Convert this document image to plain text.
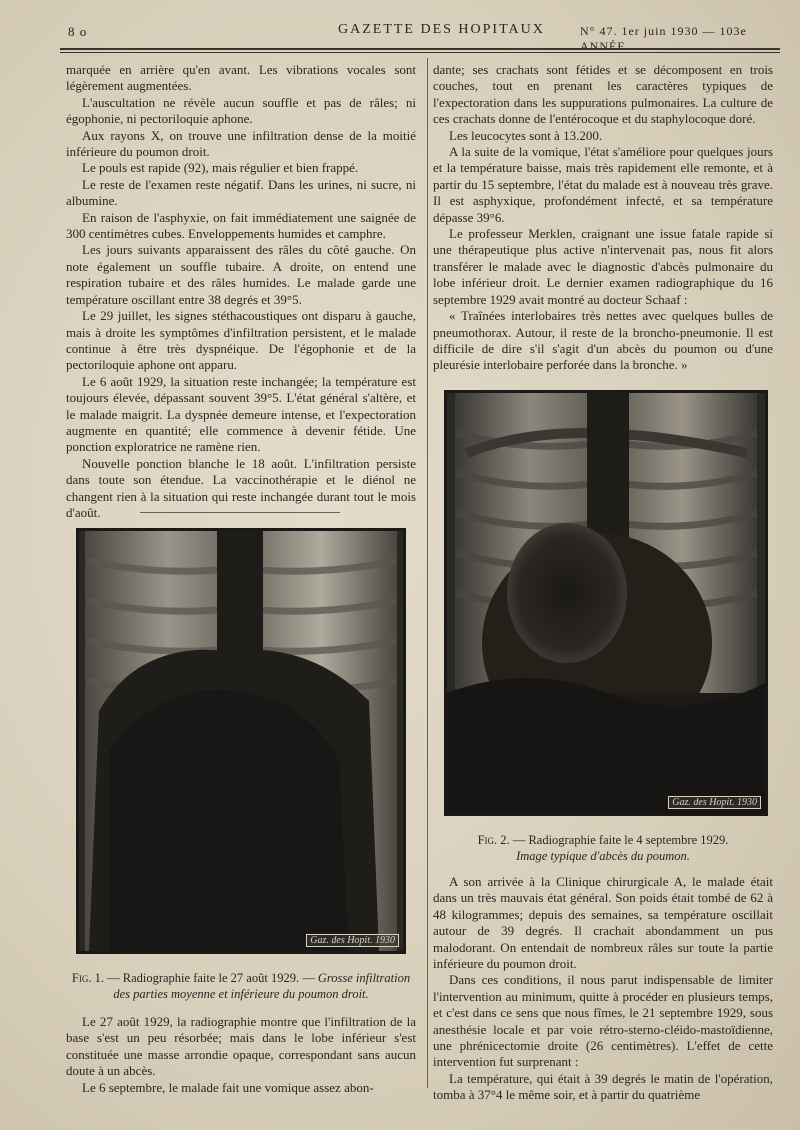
8 o	GAZETTE DES HOPITAUX	N° 47. 1er juin 1930 — 103e ANNÉE

marquée en arrière qu'en avant. Les vibrations vocales sont légèrement augmentées.

L'auscultation ne révèle aucun souffle et pas de râles; ni égophonie, ni pectoriloquie aphone.

Aux rayons X, on trouve une infiltration dense de la moitié inférieure du poumon droit.

Le pouls est rapide (92), mais régulier et bien frappé.

Le reste de l'examen reste négatif. Dans les urines, ni sucre, ni albumine.

En raison de l'asphyxie, on fait immédiatement une saignée de 300 centimètres cubes. Enveloppements humides et camphre.

Les jours suivants apparaissent des râles du côté gauche. On note également un souffle tubaire. A droite, on entend une respiration tubaire et des râles humides. Le malade garde une température oscillant entre 38 degrés et 39°5.

Le 29 juillet, les signes stéthacoustiques ont disparu à gauche, mais à droite les symptômes d'infiltration persistent, et le malade continue à être très dyspnéique. De l'égophonie et de la pectoriloquie aphone ont apparu.

Le 6 août 1929, la situation reste inchangée; la température est toujours élevée, dépassant souvent 39°5. L'état général s'altère, et le malade maigrit. La dyspnée demeure intense, et l'expectoration augmente en quantité; elle commence à devenir fétide. Une ponction exploratrice ne ramène rien.

Nouvelle ponction blanche le 18 août. L'infiltration persiste dans toute son étendue. La vaccinothérapie et le diénol ne changent rien à la situation qui reste inchangée durant tout le mois d'août.

dante; ses crachats sont fétides et se décomposent en trois couches, tout en prenant les caractères typiques de l'expectoration dans les suppurations pulmonaires. La culture de ces crachats donne de l'entérocoque et du staphylocoque doré.

Les leucocytes sont à 13.200.

A la suite de la vomique, l'état s'améliore pour quelques jours et la température baisse, mais très rapidement elle remonte, et à partir du 15 septembre, l'état du malade est à nouveau très grave. Il est asphyxique, profondément infecté, et sa température dépasse 39°6.

Le professeur Merklen, craignant une issue fatale rapide si une thérapeutique plus active n'intervenait pas, nous fit alors transférer le malade avec le diagnostic d'abcès pulmonaire du lobe inférieur droit. Le dernier examen radiographique du 16 septembre 1929 avait montré au docteur Schaaf :

« Traînées interlobaires très nettes avec quelques bulles de pneumothorax. Autour, il reste de la broncho-pneumonie. Il est difficile de dire s'il s'agit d'un abcès du poumon ou d'une pleurésie interlobaire perforée dans la bronche. »

Gaz. des Hopit. 1930
Fig. 2. — Radiographie faite le 4 septembre 1929.
Image typique d'abcès du poumon.
Gaz. des Hopit. 1930
Fig. 1. — Radiographie faite le 27 août 1929. — Grosse infiltration des parties moyenne et inférieure du poumon droit.

Le 27 août 1929, la radiographie montre que l'infiltration de la base s'est un peu résorbée; mais dans le lobe inférieur s'est constituée une masse arrondie opaque, correspondant sans aucun doute à un abcès.

Le 6 septembre, le malade fait une vomique assez abon-

A son arrivée à la Clinique chirurgicale A, le malade était dans un très mauvais état général. Son poids était tombé de 62 à 48 kilogrammes; depuis des semaines, sa température oscillait autour de 39 degrés. Il crachait abondamment un pus malodorant. On entendait de nombreux râles sur toute la partie inférieure du poumon droit.

Dans ces conditions, il nous parut indispensable de limiter l'intervention au minimum, quitte à procéder en plusieurs temps, et c'est dans ce sens que nous fîmes, le 21 septembre 1929, sous anesthésie locale et par voie rétro-sterno-cléido-mastoïdienne, une phrénicectomie droite (26 centimètres). L'effet de cette intervention fut surprenant :

La température, qui était à 39 degrés le matin de l'opération, tomba à 37°4 le même soir, et à partir du quatrième
